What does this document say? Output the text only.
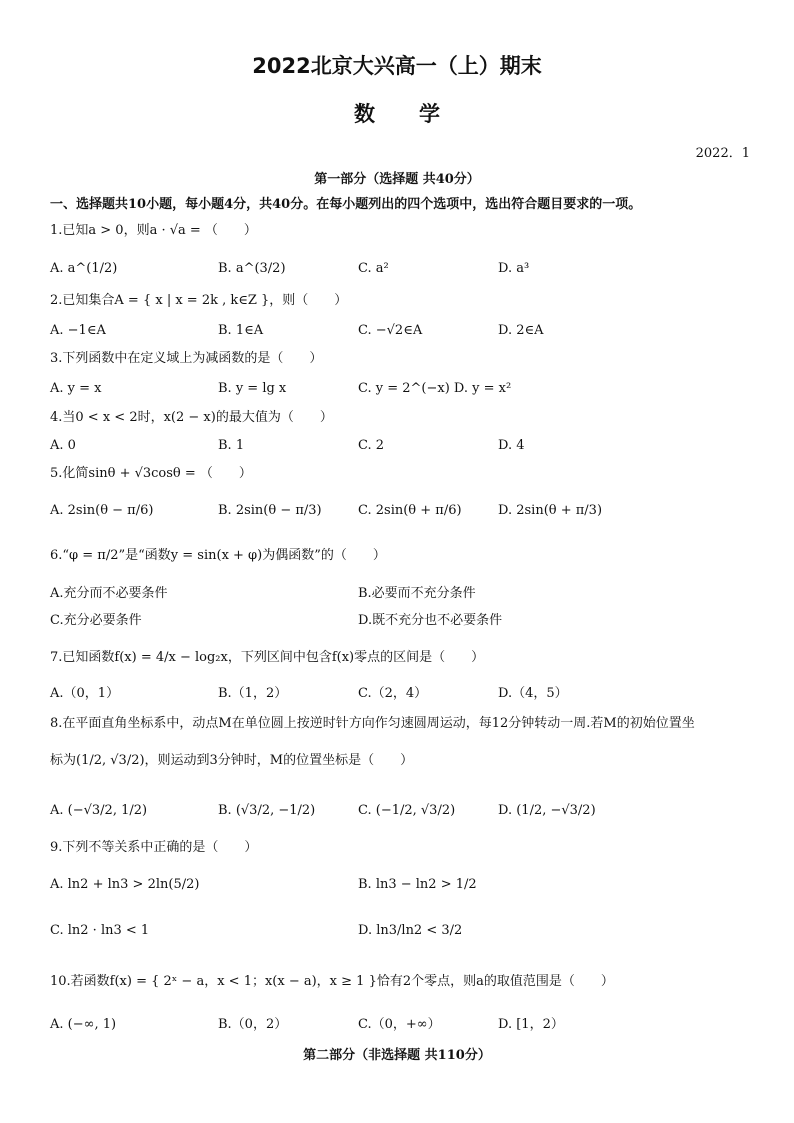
2022北京大兴高一（上）期末
数学
2022．1
第一部分（选择题 共40分）
一、选择题共10小题，每小题4分，共40分。在每小题列出的四个选项中，选出符合题目要求的一项。
1.已知a > 0，则a · √a = （　　）
A. a^(1/2)	B. a^(3/2)	C. a²	D. a³
2.已知集合A = { x | x = 2k , k∈Z }，则（　　）
A. −1∈A	B. 1∈A	C. −√2∈A	D. 2∈A
3.下列函数中在定义域上为减函数的是（　　）
A. y = x	B. y = lg x	C. y = 2^(−x) D. y = x²
4.当0 < x < 2时，x(2 − x)的最大值为（　　）
A. 0	B. 1	C. 2	D. 4
5.化简sinθ + √3cosθ = （　　）
A. 2sin(θ − π/6)	B. 2sin(θ − π/3)	C. 2sin(θ + π/6)	D. 2sin(θ + π/3)
6.“φ = π/2”是“函数y = sin(x + φ)为偶函数”的（　　）
A.充分而不必要条件	B.必要而不充分条件
C.充分必要条件	D.既不充分也不必要条件
7.已知函数f(x) = 4/x − log₂x，下列区间中包含f(x)零点的区间是（　　）
A.（0，1）	B.（1，2）	C.（2，4）	D.（4，5）
8.在平面直角坐标系中，动点M在单位圆上按逆时针方向作匀速圆周运动，每12分钟转动一周.若M的初始位置坐
标为(1/2, √3/2)，则运动到3分钟时，M的位置坐标是（　　）
A. (−√3/2, 1/2)	B. (√3/2, −1/2)	C. (−1/2, √3/2)	D. (1/2, −√3/2)
9.下列不等关系中正确的是（　　）
A. ln2 + ln3 > 2ln(5/2)	B. ln3 − ln2 > 1/2
C. ln2 · ln3 < 1	D. ln3/ln2 < 3/2
10.若函数f(x) = { 2ˣ − a，x < 1；x(x − a)，x ≥ 1 }恰有2个零点，则a的取值范围是（　　）
A. (−∞, 1)	B.（0，2）	C.（0，+∞）	D. [1，2）
第二部分（非选择题 共110分）
